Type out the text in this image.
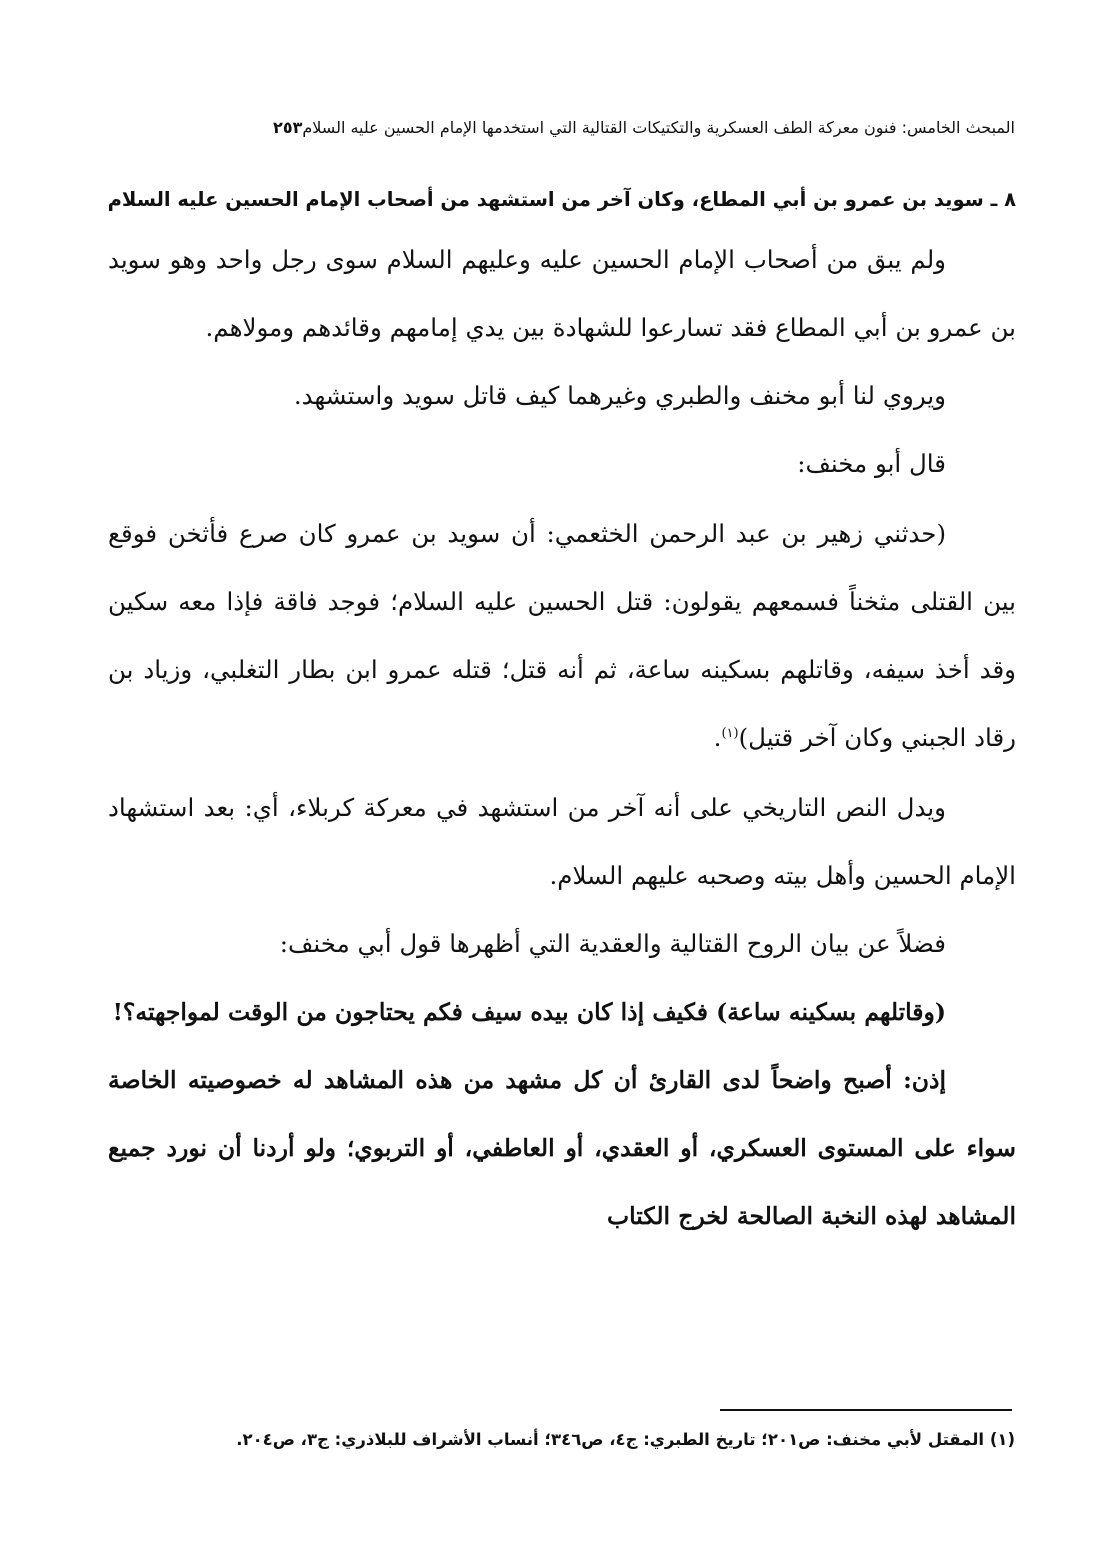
المبحث الخامس: فنون معركة الطف العسكرية والتكتيكات القتالية التي استخدمها الإمام الحسين عليه السلام٢٥٣
٨ ـ سويد بن عمرو بن أبي المطاع، وكان آخر من استشهد من أصحاب الإمام الحسين عليه السلام

ولم يبق من أصحاب الإمام الحسين عليه وعليهم السلام سوى رجل واحد وهو سويد بن عمرو بن أبي المطاع فقد تسارعوا للشهادة بين يدي إمامهم وقائدهم ومولاهم.

ويروي لنا أبو مخنف والطبري وغيرهما كيف قاتل سويد واستشهد.

قال أبو مخنف:

(حدثني زهير بن عبد الرحمن الخثعمي: أن سويد بن عمرو كان صرع فأثخن فوقع بين القتلى مثخناً فسمعهم يقولون: قتل الحسين عليه السلام؛ فوجد فاقة فإذا معه سكين وقد أخذ سيفه، وقاتلهم بسكينه ساعة، ثم أنه قتل؛ قتله عمرو ابن بطار التغلبي، وزياد بن رقاد الجبني وكان آخر قتيل)$^{(١)}$.

ويدل النص التاريخي على أنه آخر من استشهد في معركة كربلاء، أي: بعد استشهاد الإمام الحسين وأهل بيته وصحبه عليهم السلام.

فضلاً عن بيان الروح القتالية والعقدية التي أظهرها قول أبي مخنف:

(وقاتلهم بسكينه ساعة) فكيف إذا كان بيده سيف فكم يحتاجون من الوقت لمواجهته؟!

إذن: أصبح واضحاً لدى القارئ أن كل مشهد من هذه المشاهد له خصوصيته الخاصة سواء على المستوى العسكري، أو العقدي، أو العاطفي، أو التربوي؛ ولو أردنا أن نورد جميع المشاهد لهذه النخبة الصالحة لخرج الكتاب

(١) المقتل لأبي مخنف: ص٢٠١؛ تاريخ الطبري: ج٤، ص٣٤٦؛ أنساب الأشراف للبلاذري: ج٣، ص٢٠٤.
